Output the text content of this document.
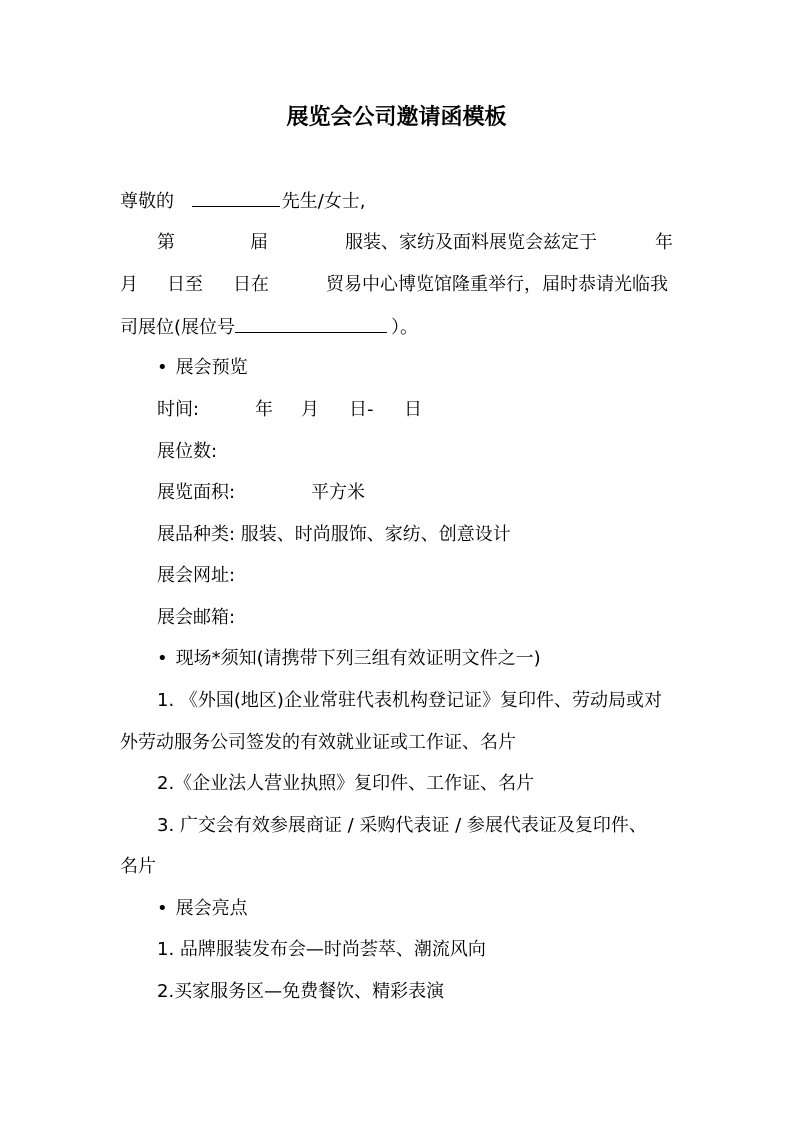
展览会公司邀请函模板
尊敬的	先生/女士,
第	届	服装、家纺及面料展览会兹定于	年
月 日至 日在	贸易中心博览馆隆重举行，届时恭请光临我
司展位(展位号	）。
• 展会预览
时间:	年 月 日- 日
展位数:
展览面积:	平方米
展品种类: 服装、时尚服饰、家纺、创意设计
展会网址:
展会邮箱:
• 现场*须知(请携带下列三组有效证明文件之一)
1. 《外国(地区)企业常驻代表机构登记证》复印件、劳动局或对
外劳动服务公司签发的有效就业证或工作证、名片
2.《企业法人营业执照》复印件、工作证、名片
3. 广交会有效参展商证 / 采购代表证 / 参展代表证及复印件、
名片
• 展会亮点
1. 品牌服装发布会—时尚荟萃、潮流风向
2.买家服务区—免费餐饮、精彩表演
